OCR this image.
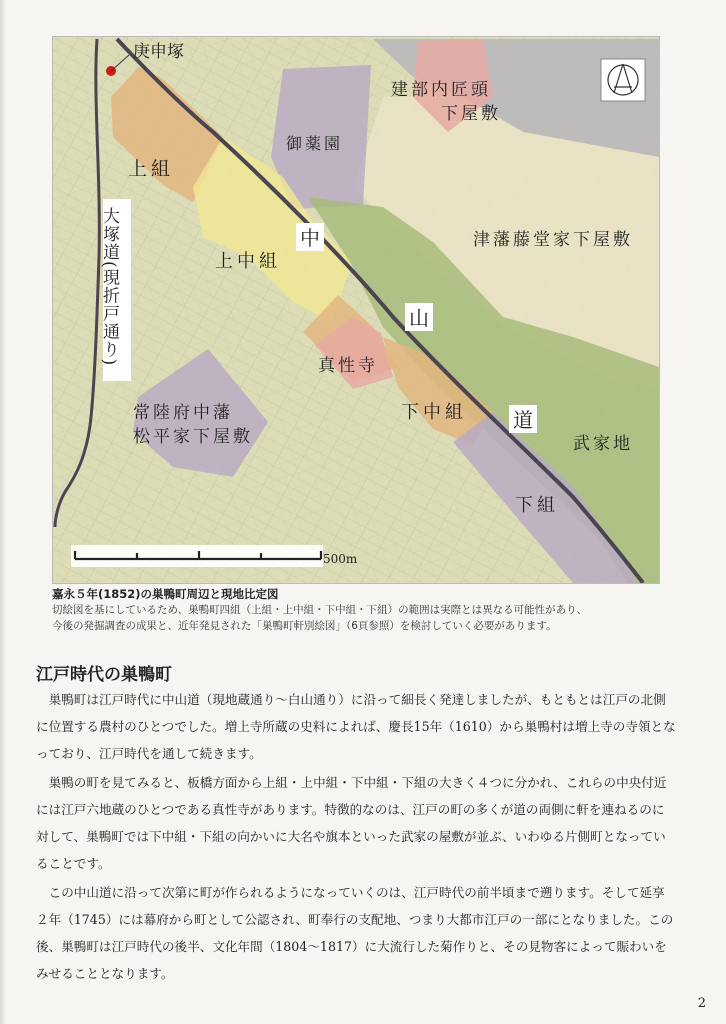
500m
庚申塚
上組
御薬園
建部内匠頭
下屋敷
津藩藤堂家下屋敷
上中組
真性寺
下中組
常陸府中藩
松平家下屋敷	武家地
下組
中
山
道
大塚道(現折戸通り)
嘉永５年(1852)の巣鴨町周辺と現地比定図
切絵図を基にしているため、巣鴨町四組（上組・上中組・下中組・下組）の範囲は実際とは異なる可能性があり、
今後の発掘調査の成果と、近年発見された「巣鴨町軒別絵図」（6頁参照）を検討していく必要があります。
江戸時代の巣鴨町

巣鴨町は江戸時代に中山道（現地蔵通り～白山通り）に沿って細長く発達しましたが、もともとは江戸の北側に位置する農村のひとつでした。増上寺所蔵の史料によれば、慶長15年（1610）から巣鴨村は増上寺の寺領となっており、江戸時代を通して続きます。

巣鴨の町を見てみると、板橋方面から上組・上中組・下中組・下組の大きく４つに分かれ、これらの中央付近には江戸六地蔵のひとつである真性寺があります。特徴的なのは、江戸の町の多くが道の両側に軒を連ねるのに対して、巣鴨町では下中組・下組の向かいに大名や旗本といった武家の屋敷が並ぶ、いわゆる片側町となっていることです。

この中山道に沿って次第に町が作られるようになっていくのは、江戸時代の前半頃まで遡ります。そして延享２年（1745）には幕府から町として公認され、町奉行の支配地、つまり大都市江戸の一部にとなりました。この後、巣鴨町は江戸時代の後半、文化年間（1804～1817）に大流行した菊作りと、その見物客によって賑わいをみせることとなります。

2
